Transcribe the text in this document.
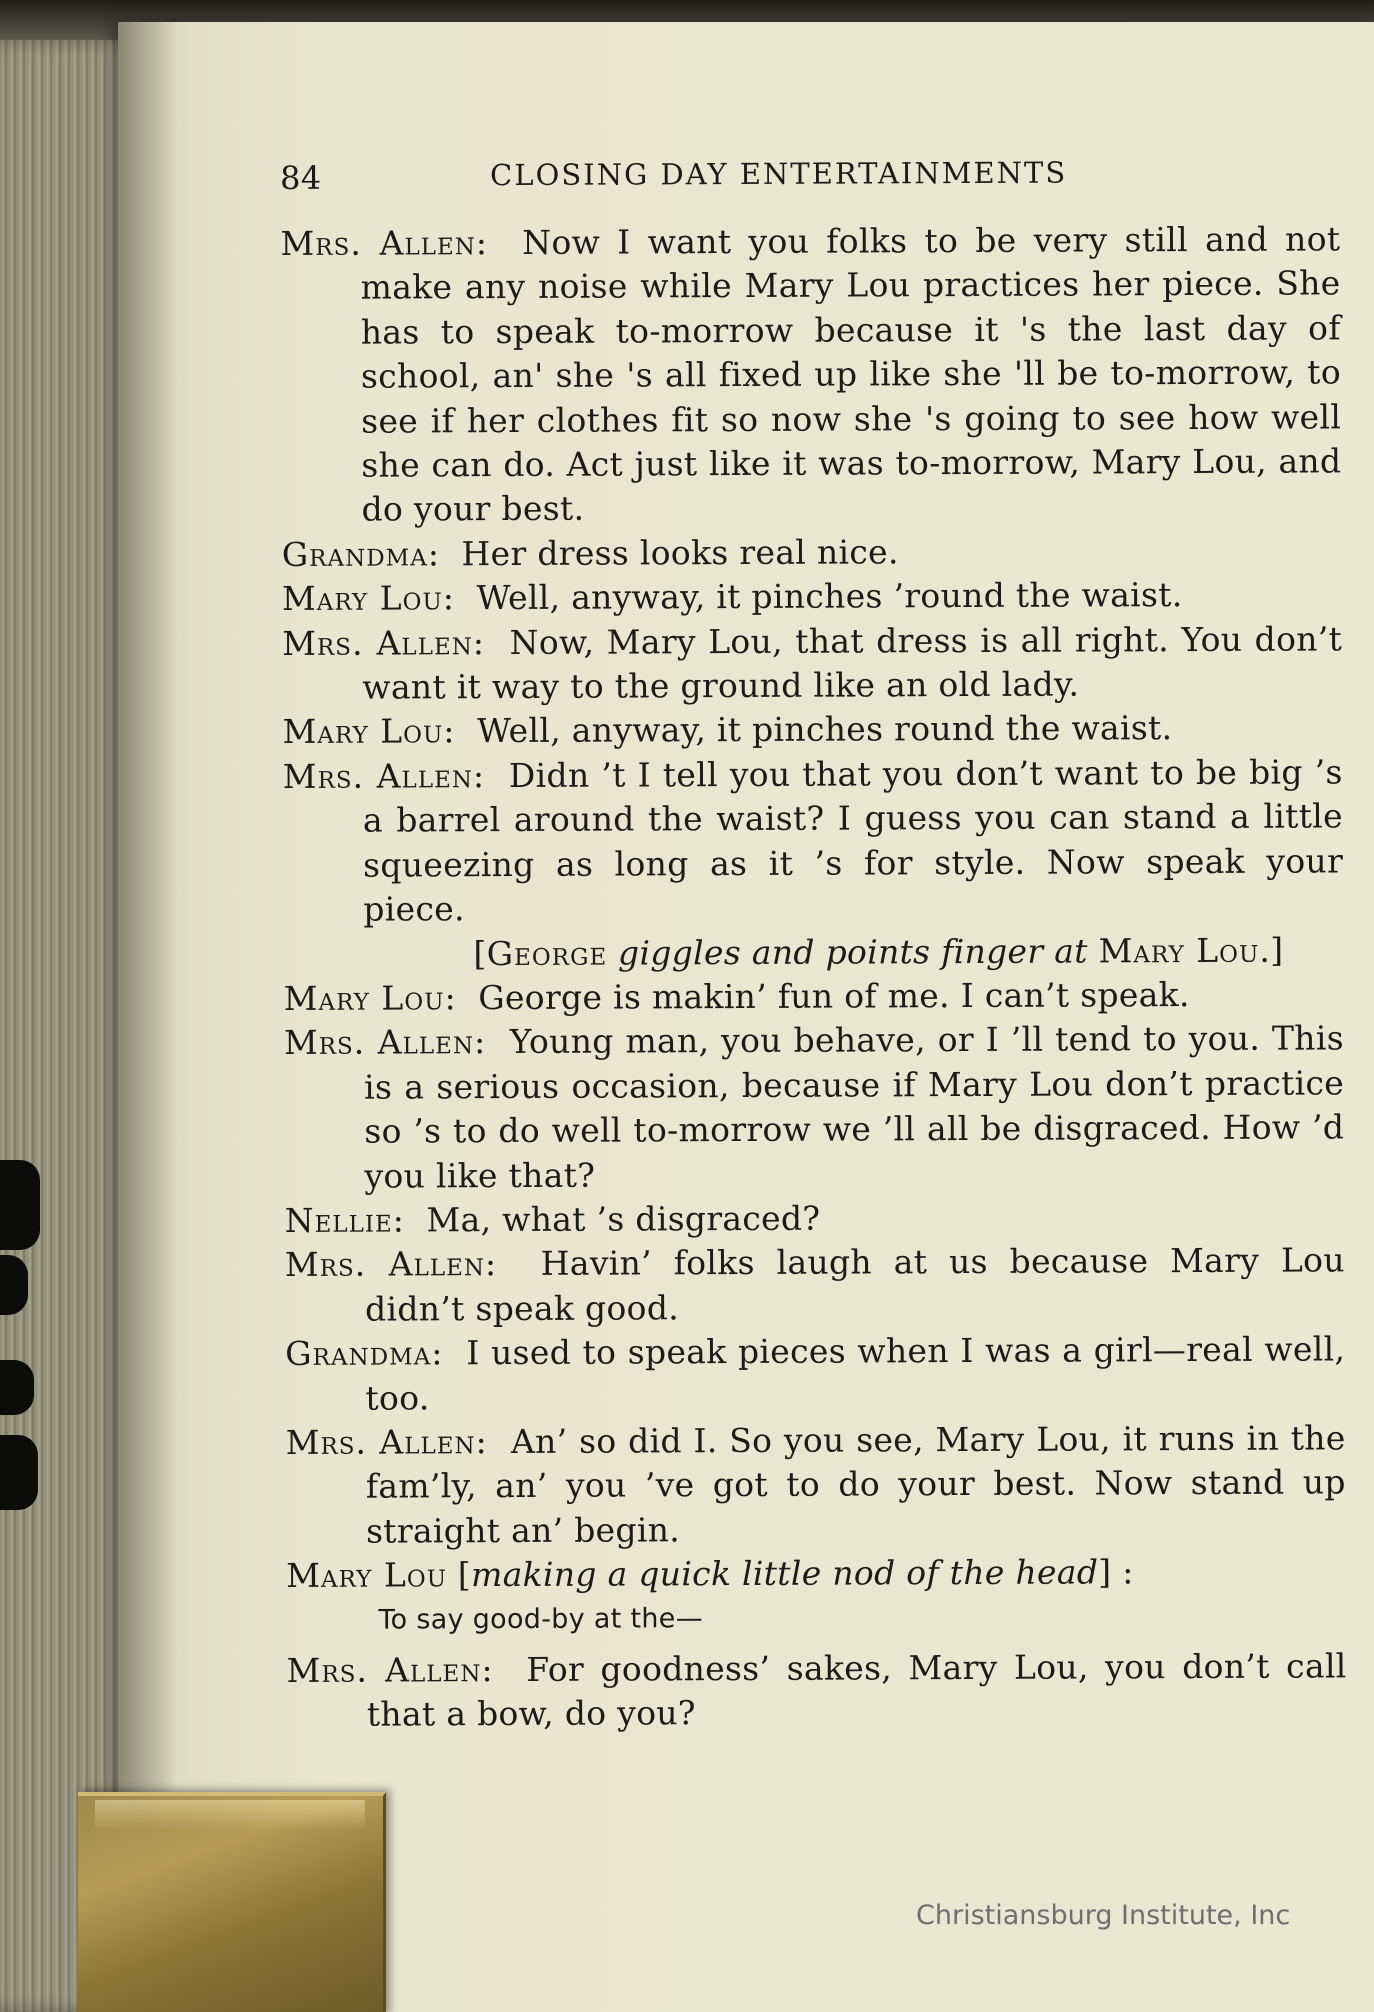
84	CLOSING DAY ENTERTAINMENTS

Mrs. Allen: Now I want you folks to be very still and not make any noise while Mary Lou practices her piece. She has to speak to-morrow because it 's the last day of school, an' she 's all fixed up like she 'll be to-morrow, to see if her clothes fit so now she 's going to see how well she can do. Act just like it was to-morrow, Mary Lou, and do your best.

Grandma: Her dress looks real nice.

Mary Lou: Well, anyway, it pinches ’round the waist.

Mrs. Allen: Now, Mary Lou, that dress is all right. You don’t want it way to the ground like an old lady.

Mary Lou: Well, anyway, it pinches round the waist.

Mrs. Allen: Didn ’t I tell you that you don’t want to be big ’s a barrel around the waist? I guess you can stand a little squeezing as long as it ’s for style. Now speak your piece.

[George giggles and points finger at Mary Lou.]

Mary Lou: George is makin’ fun of me. I can’t speak.

Mrs. Allen: Young man, you behave, or I ’ll tend to you. This is a serious occasion, because if Mary Lou don’t practice so ’s to do well to-morrow we ’ll all be disgraced. How ’d you like that?

Nellie: Ma, what ’s disgraced?

Mrs. Allen: Havin’ folks laugh at us because Mary Lou didn’t speak good.

Grandma: I used to speak pieces when I was a girl—real well, too.

Mrs. Allen: An’ so did I. So you see, Mary Lou, it runs in the fam’ly, an’ you ’ve got to do your best. Now stand up straight an’ begin.

Mary Lou [making a quick little nod of the head] :

To say good-by at the—

Mrs. Allen: For goodness’ sakes, Mary Lou, you don’t call that a bow, do you?

Christiansburg Institute, Inc
